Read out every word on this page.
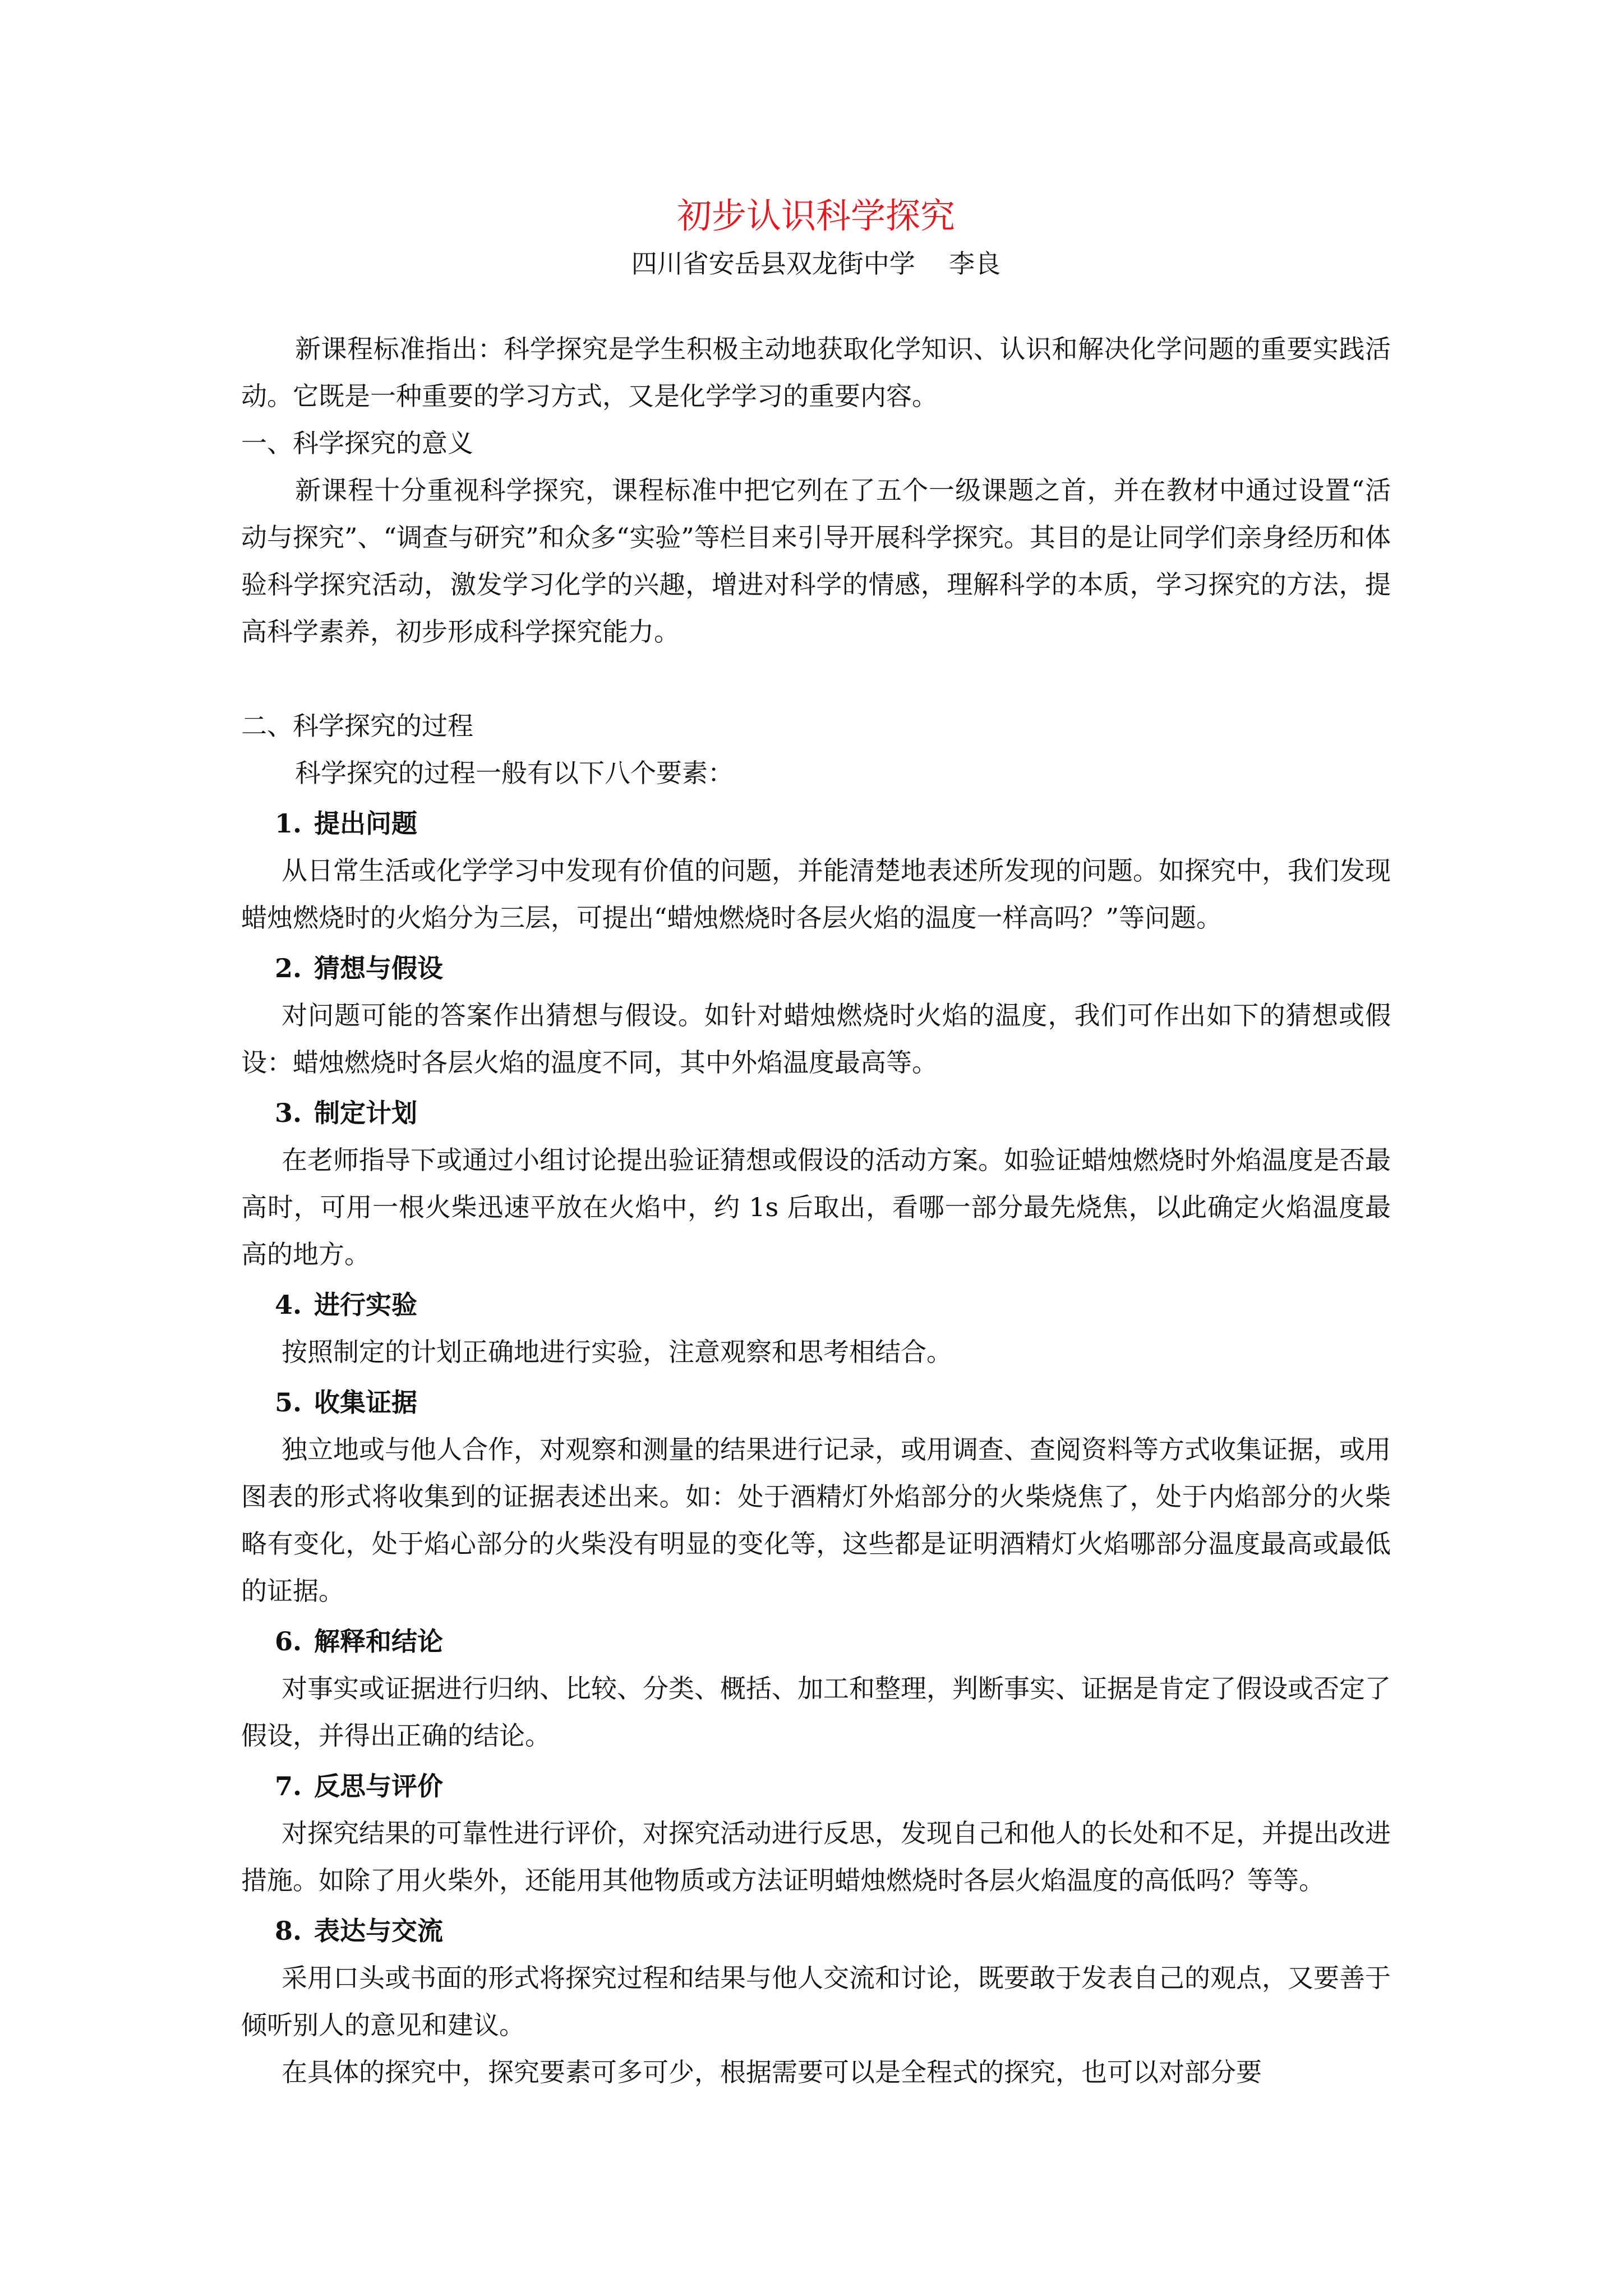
初步认识科学探究
四川省安岳县双龙街中学　 李良

新课程标准指出：科学探究是学生积极主动地获取化学知识、认识和解决化学问题的重要实践活动。它既是一种重要的学习方式，又是化学学习的重要内容。

一、科学探究的意义

新课程十分重视科学探究，课程标准中把它列在了五个一级课题之首，并在教材中通过设置“活动与探究”、“调查与研究”和众多“实验”等栏目来引导开展科学探究。其目的是让同学们亲身经历和体验科学探究活动，激发学习化学的兴趣，增进对科学的情感，理解科学的本质，学习探究的方法，提高科学素养，初步形成科学探究能力。

二、科学探究的过程

科学探究的过程一般有以下八个要素：

1. 提出问题

从日常生活或化学学习中发现有价值的问题，并能清楚地表述所发现的问题。如探究中，我们发现蜡烛燃烧时的火焰分为三层，可提出“蜡烛燃烧时各层火焰的温度一样高吗？”等问题。

2. 猜想与假设

对问题可能的答案作出猜想与假设。如针对蜡烛燃烧时火焰的温度，我们可作出如下的猜想或假设：蜡烛燃烧时各层火焰的温度不同，其中外焰温度最高等。

3. 制定计划

在老师指导下或通过小组讨论提出验证猜想或假设的活动方案。如验证蜡烛燃烧时外焰温度是否最高时，可用一根火柴迅速平放在火焰中，约 1s 后取出，看哪一部分最先烧焦，以此确定火焰温度最高的地方。

4. 进行实验

按照制定的计划正确地进行实验，注意观察和思考相结合。

5. 收集证据

独立地或与他人合作，对观察和测量的结果进行记录，或用调查、查阅资料等方式收集证据，或用图表的形式将收集到的证据表述出来。如：处于酒精灯外焰部分的火柴烧焦了，处于内焰部分的火柴略有变化，处于焰心部分的火柴没有明显的变化等，这些都是证明酒精灯火焰哪部分温度最高或最低的证据。

6. 解释和结论

对事实或证据进行归纳、比较、分类、概括、加工和整理，判断事实、证据是肯定了假设或否定了假设，并得出正确的结论。

7. 反思与评价

对探究结果的可靠性进行评价，对探究活动进行反思，发现自己和他人的长处和不足，并提出改进措施。如除了用火柴外，还能用其他物质或方法证明蜡烛燃烧时各层火焰温度的高低吗？等等。

8. 表达与交流

采用口头或书面的形式将探究过程和结果与他人交流和讨论，既要敢于发表自己的观点，又要善于倾听别人的意见和建议。

在具体的探究中，探究要素可多可少，根据需要可以是全程式的探究，也可以对部分要
